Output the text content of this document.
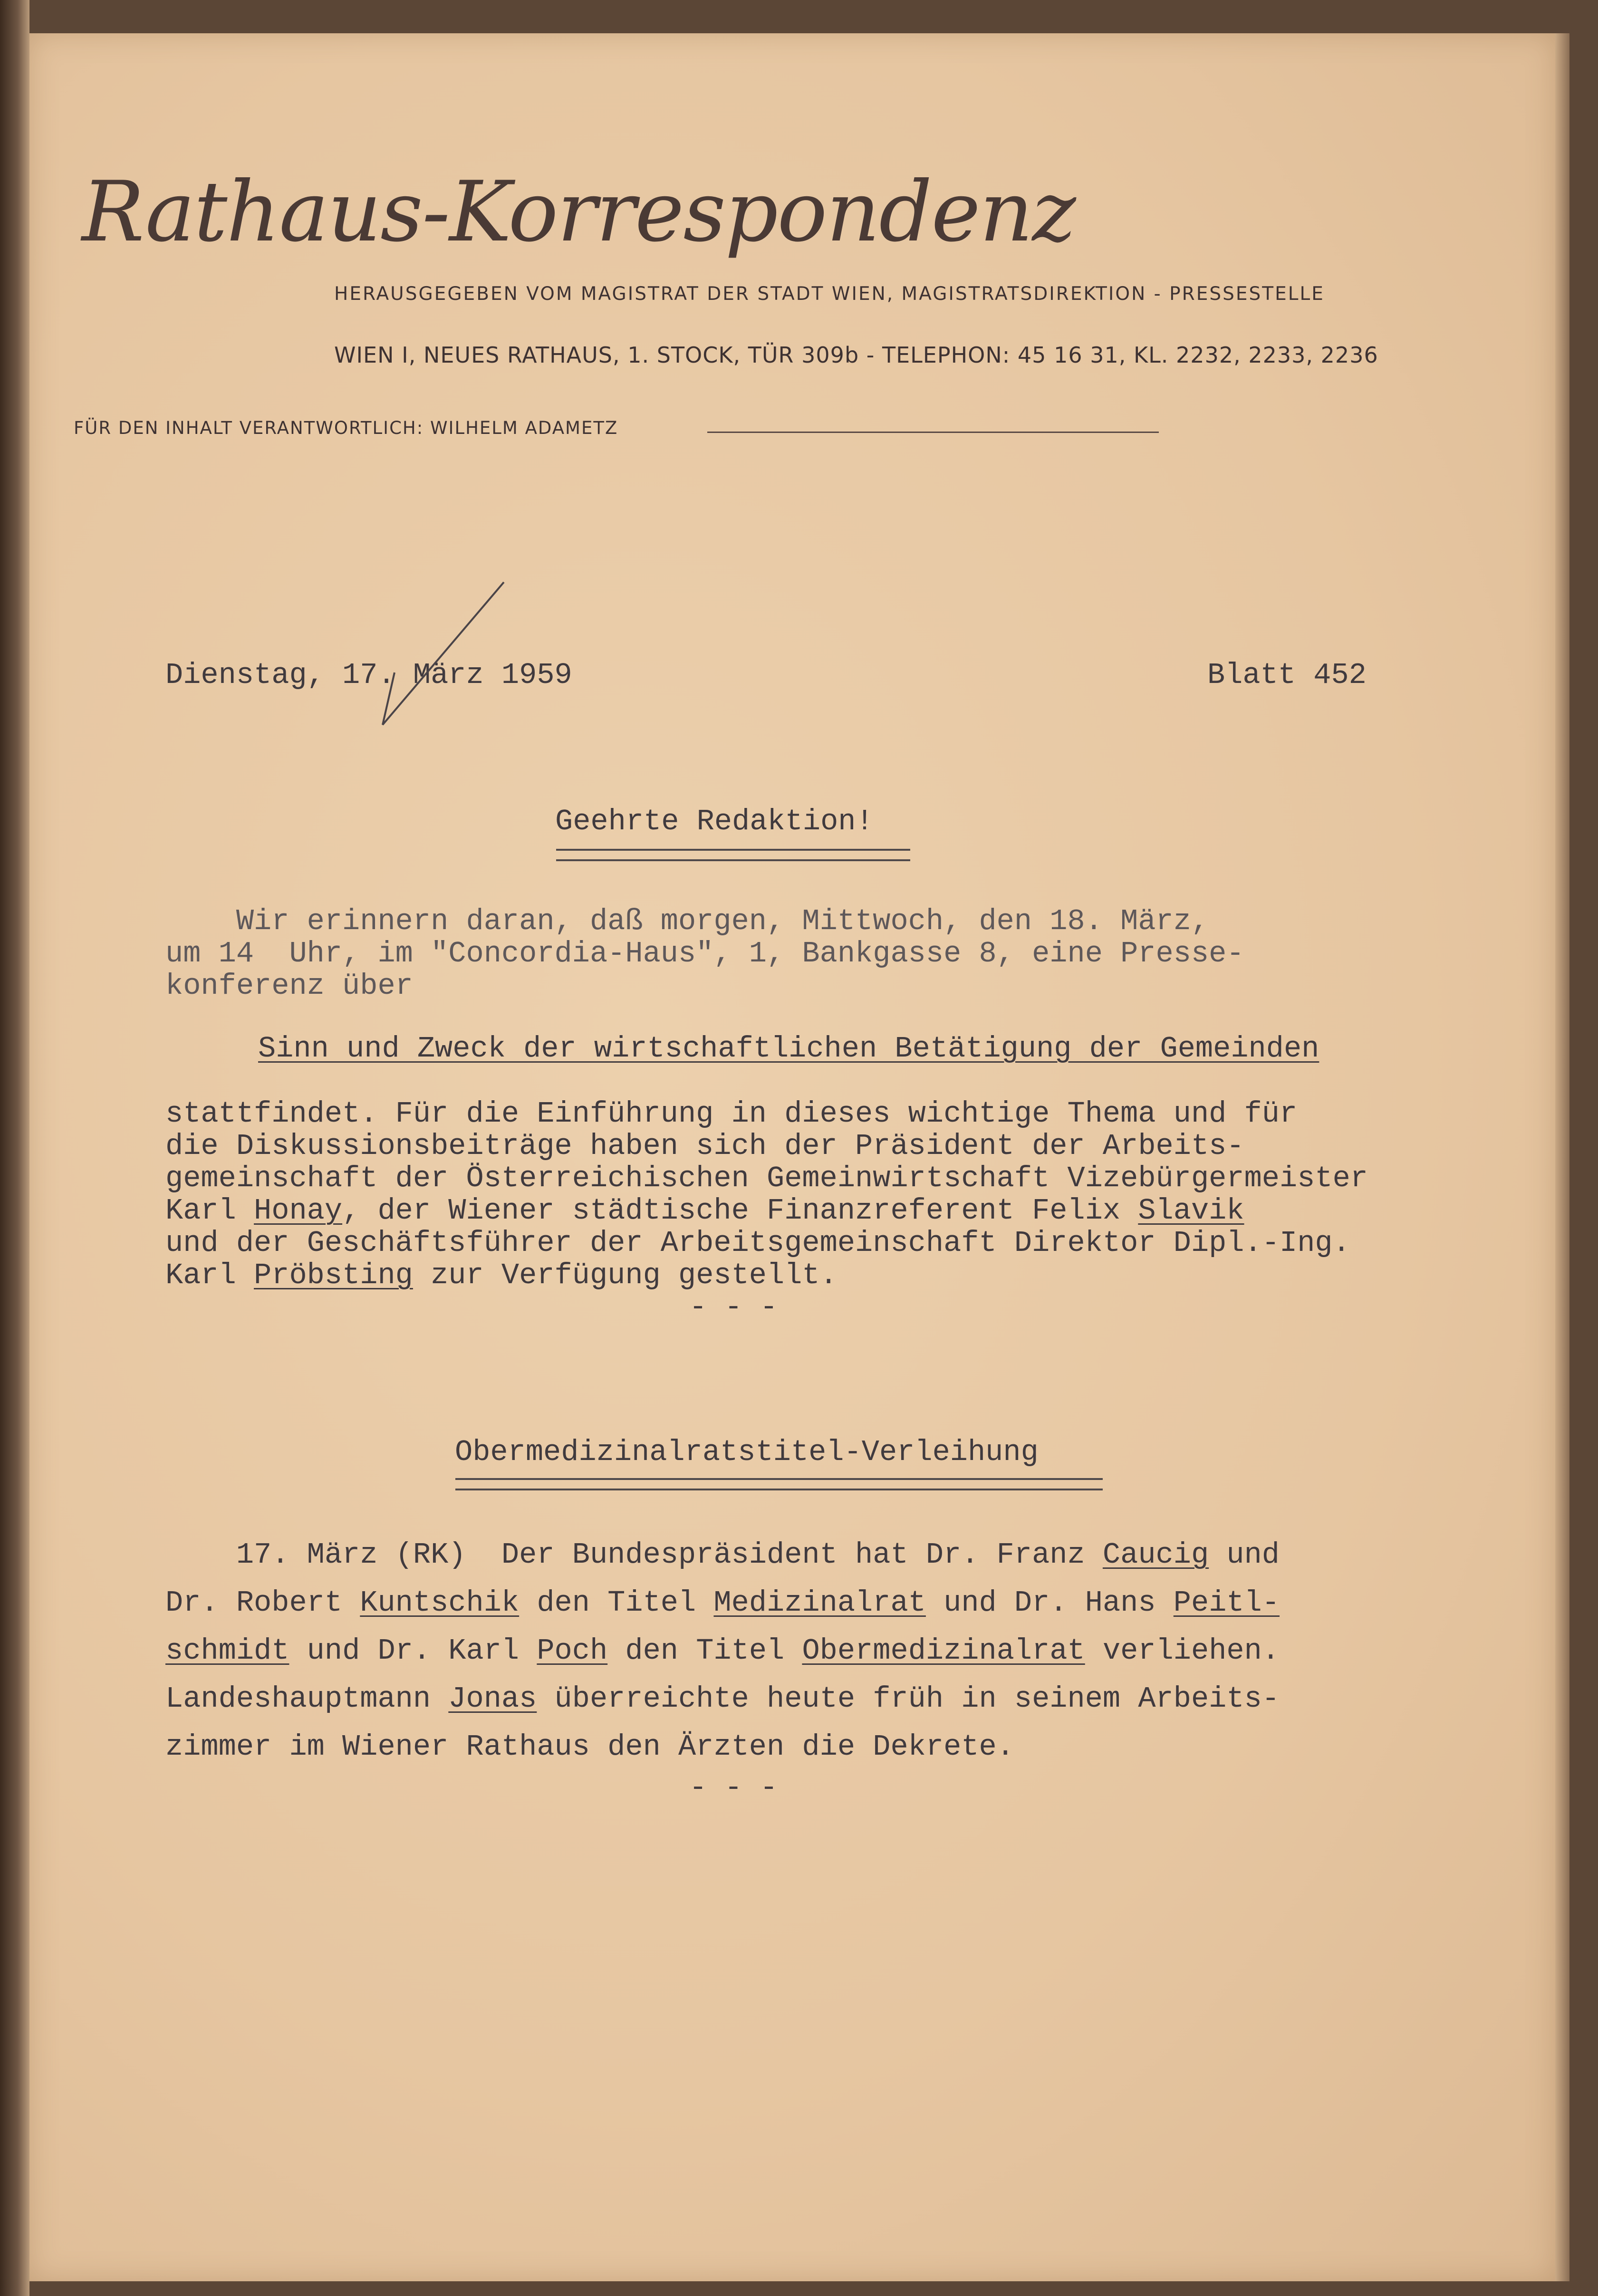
Rathaus-Korrespondenz
HERAUSGEGEBEN VOM MAGISTRAT DER STADT WIEN, MAGISTRATSDIREKTION - PRESSESTELLE
WIEN I, NEUES RATHAUS, 1. STOCK, TÜR 309b - TELEPHON: 45 16 31, KL. 2232, 2233, 2236
FÜR DEN INHALT VERANTWORTLICH: WILHELM ADAMETZ
Dienstag, 17. März 1959	Blatt 452
Geehrte Redaktion!
Wir erinnern daran, daß morgen, Mittwoch, den 18. März,
um 14  Uhr, im "Concordia-Haus", 1, Bankgasse 8, eine Presse-
konferenz über
Sinn und Zweck der wirtschaftlichen Betätigung der Gemeinden
stattfindet. Für die Einführung in dieses wichtige Thema und für
die Diskussionsbeiträge haben sich der Präsident der Arbeits-
gemeinschaft der Österreichischen Gemeinwirtschaft Vizebürgermeister
Karl Honay, der Wiener städtische Finanzreferent Felix Slavik
und der Geschäftsführer der Arbeitsgemeinschaft Direktor Dipl.-Ing.
Karl Pröbsting zur Verfügung gestellt.
- - -
Obermedizinalratstitel-Verleihung
17. März (RK)  Der Bundespräsident hat Dr. Franz Caucig und
Dr. Robert Kuntschik den Titel Medizinalrat und Dr. Hans Peitl-
schmidt und Dr. Karl Poch den Titel Obermedizinalrat verliehen.
Landeshauptmann Jonas überreichte heute früh in seinem Arbeits-
zimmer im Wiener Rathaus den Ärzten die Dekrete.
- - -
